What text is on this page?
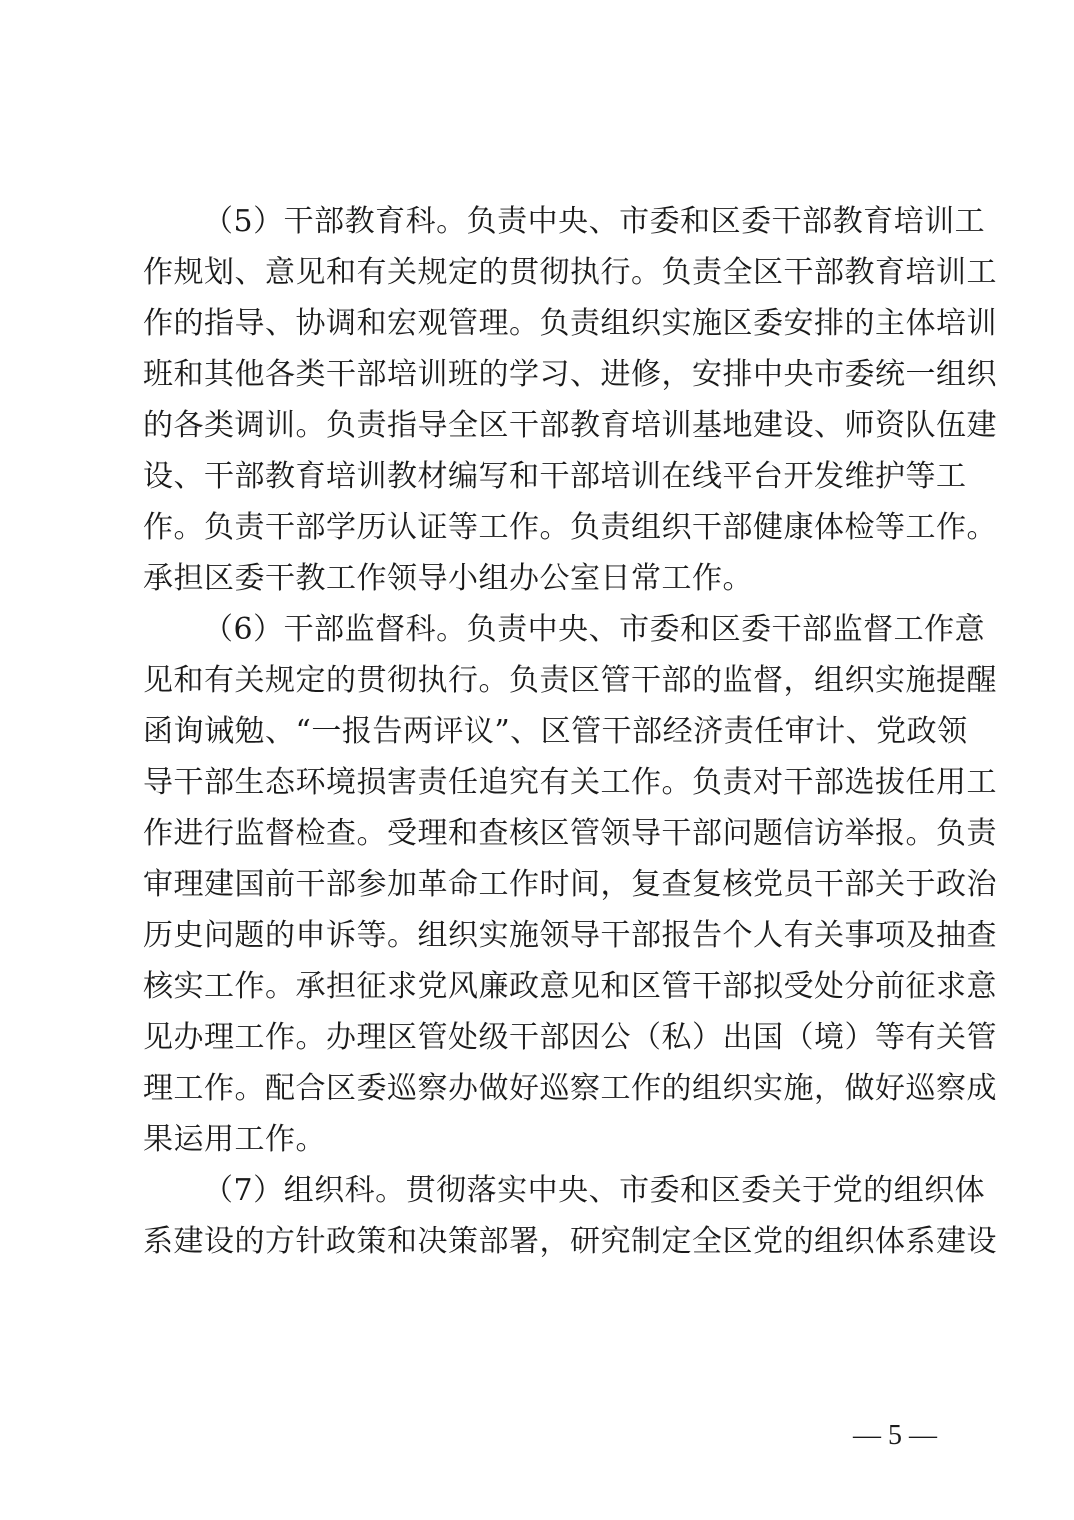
（5）干部教育科。负责中央、市委和区委干部教育培训工
作规划、意见和有关规定的贯彻执行。负责全区干部教育培训工
作的指导、协调和宏观管理。负责组织实施区委安排的主体培训
班和其他各类干部培训班的学习、进修，安排中央市委统一组织
的各类调训。负责指导全区干部教育培训基地建设、师资队伍建
设、干部教育培训教材编写和干部培训在线平台开发维护等工
作。负责干部学历认证等工作。负责组织干部健康体检等工作。
承担区委干教工作领导小组办公室日常工作。
（6）干部监督科。负责中央、市委和区委干部监督工作意
见和有关规定的贯彻执行。负责区管干部的监督，组织实施提醒
函询诫勉、“一报告两评议”、区管干部经济责任审计、党政领
导干部生态环境损害责任追究有关工作。负责对干部选拔任用工
作进行监督检查。受理和查核区管领导干部问题信访举报。负责
审理建国前干部参加革命工作时间，复查复核党员干部关于政治
历史问题的申诉等。组织实施领导干部报告个人有关事项及抽查
核实工作。承担征求党风廉政意见和区管干部拟受处分前征求意
见办理工作。办理区管处级干部因公（私）出国（境）等有关管
理工作。配合区委巡察办做好巡察工作的组织实施，做好巡察成
果运用工作。
（7）组织科。贯彻落实中央、市委和区委关于党的组织体
系建设的方针政策和决策部署，研究制定全区党的组织体系建设
— 5 —
